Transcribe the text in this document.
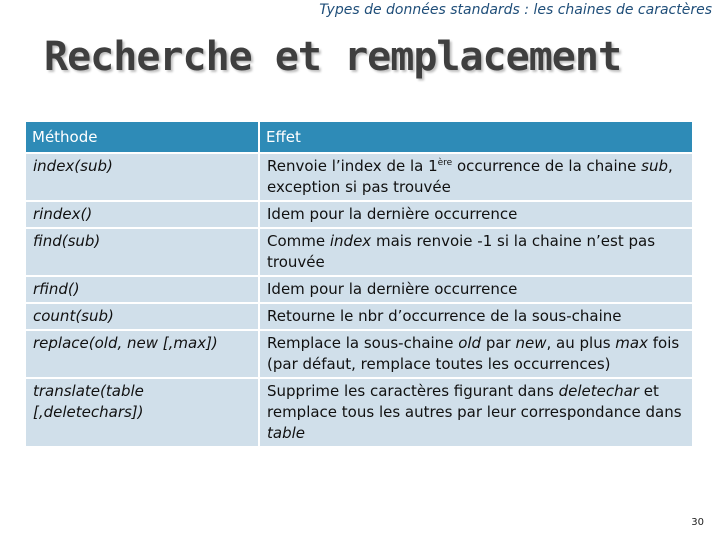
Types de données standards : les chaines de caractères
Recherche et remplacement
Méthode	Effet
index(sub)	Renvoie l’index de la 1ère occurrence de la chaine sub, exception si pas trouvée
rindex()	Idem pour la dernière occurrence
find(sub)	Comme index mais renvoie -1 si la chaine n’est pas trouvée
rfind()	Idem pour la dernière occurrence
count(sub)	Retourne le nbr d’occurrence de la sous-chaine
replace(old, new [,max])	Remplace la sous-chaine old par new, au plus max fois (par défaut, remplace toutes les occurrences)
translate(table [,deletechars])	Supprime les caractères figurant dans deletechar et remplace tous les autres par leur correspondance dans table
30
